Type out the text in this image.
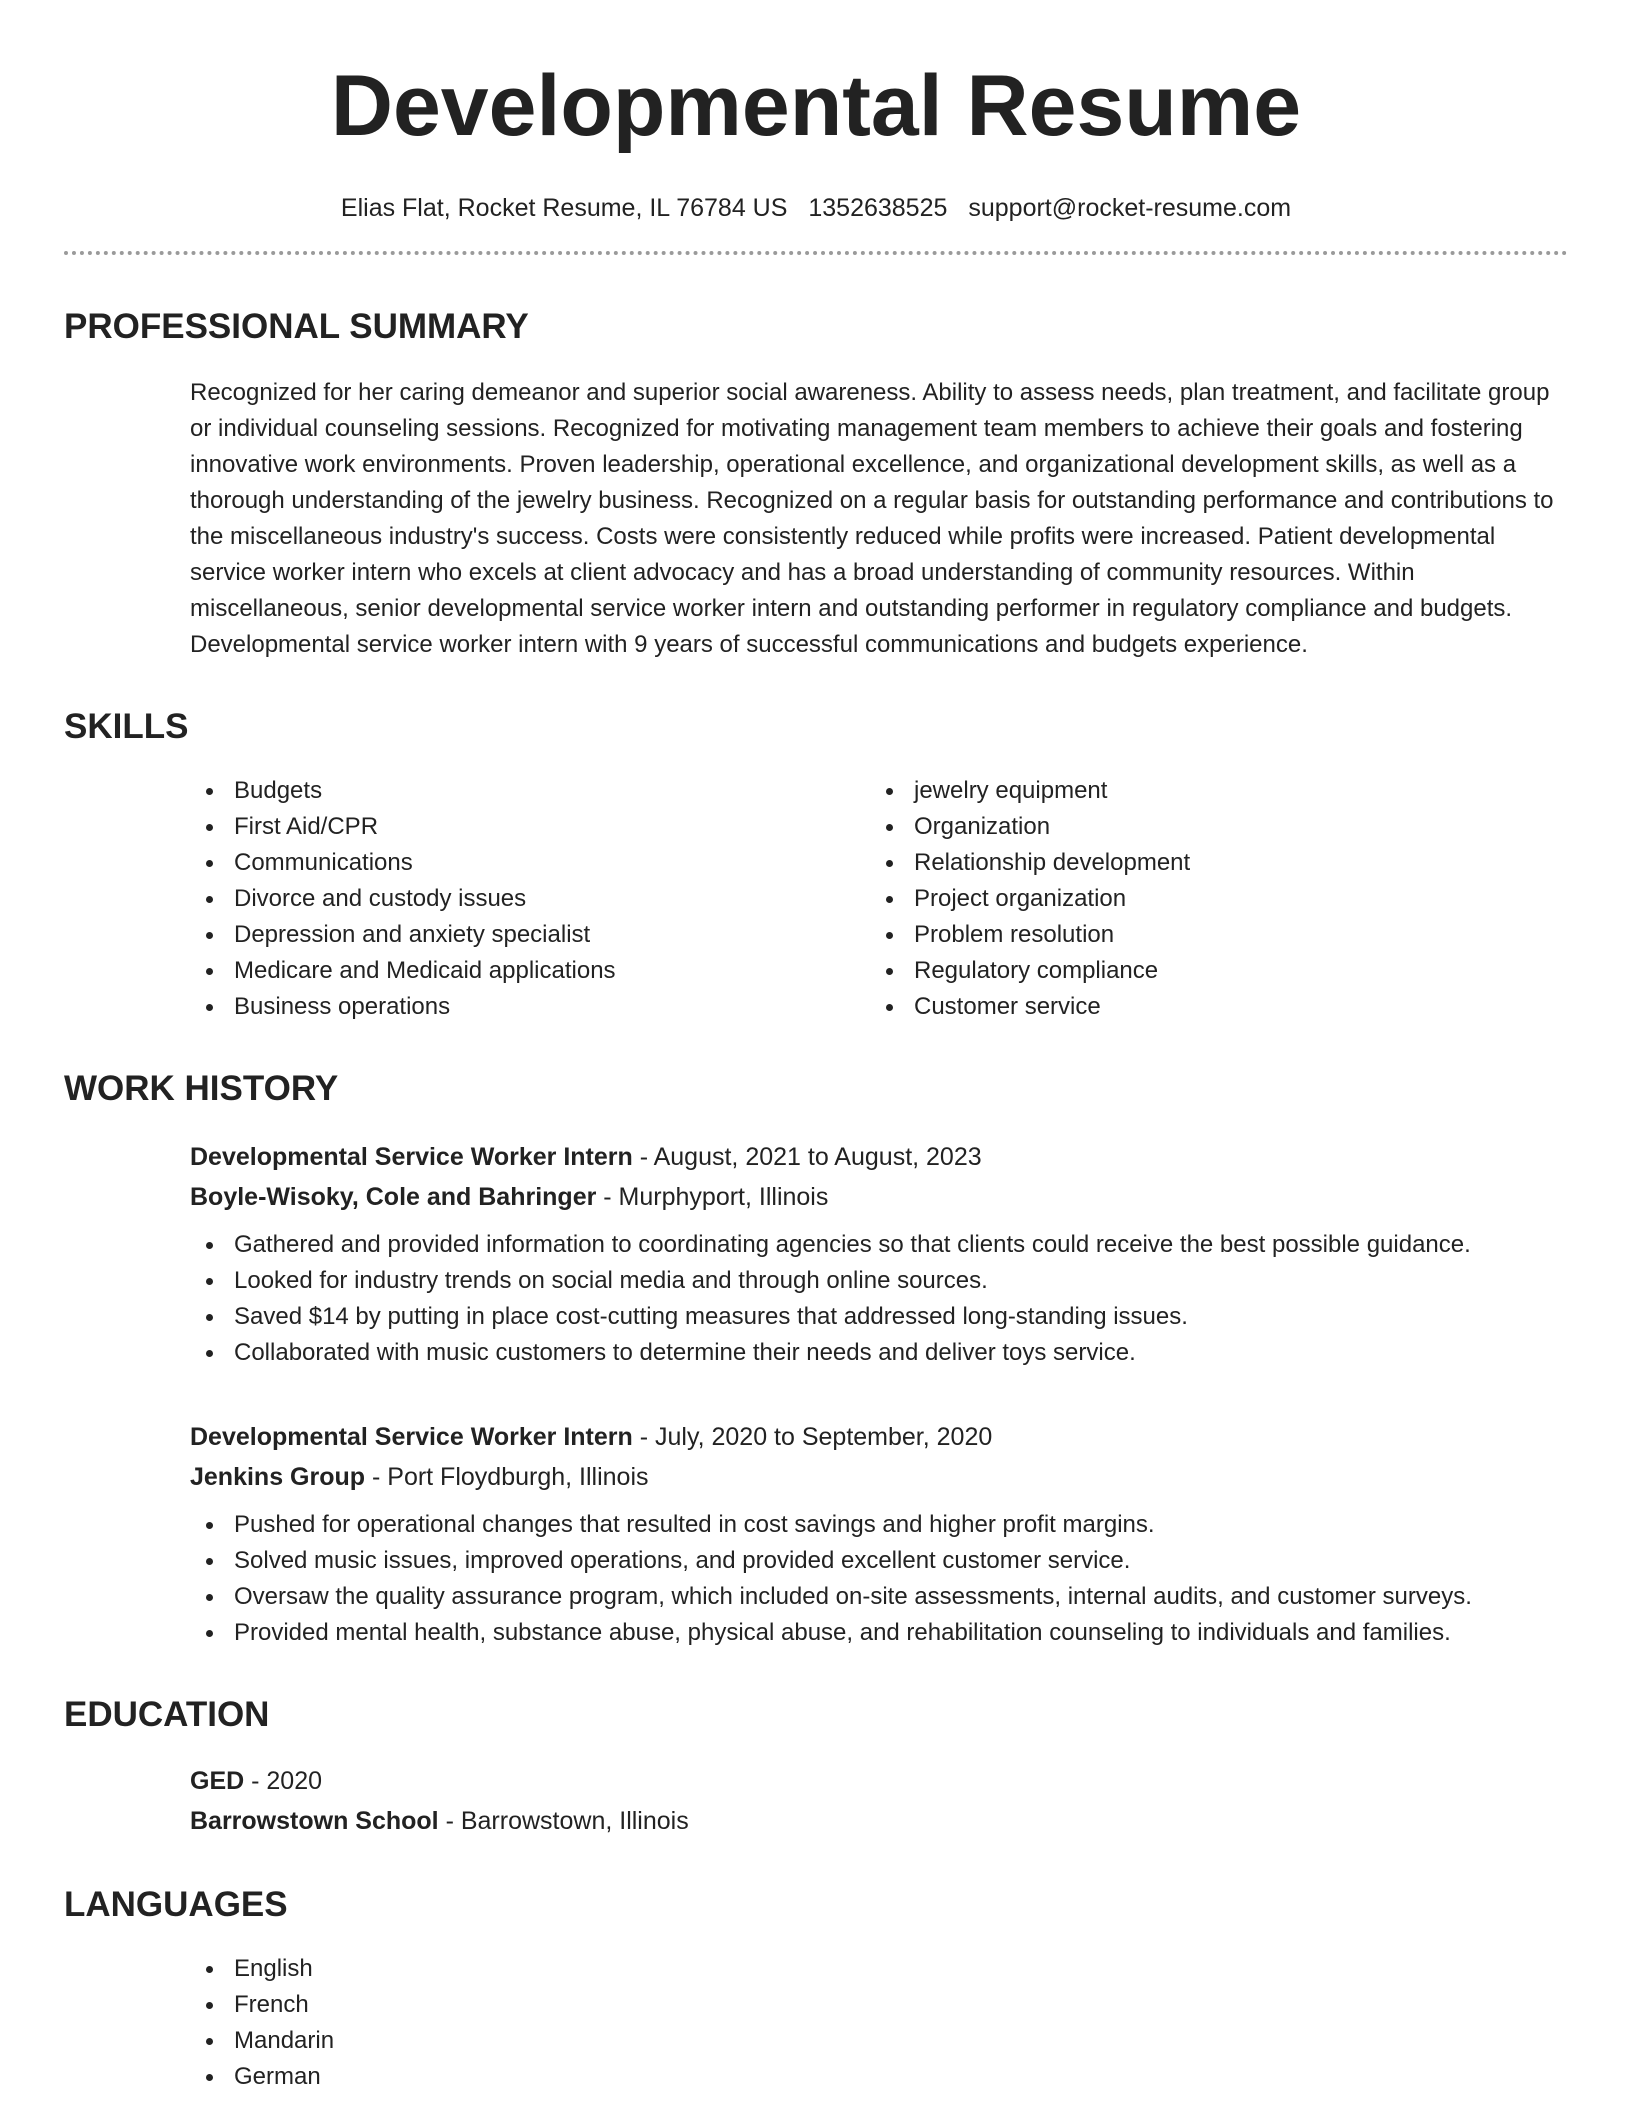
Developmental Resume
Elias Flat, Rocket Resume, IL 76784 US 1352638525 support@rocket-resume.com
PROFESSIONAL SUMMARY
Recognized for her caring demeanor and superior social awareness. Ability to assess needs, plan treatment, and facilitate group or individual counseling sessions. Recognized for motivating management team members to achieve their goals and fostering innovative work environments. Proven leadership, operational excellence, and organizational development skills, as well as a thorough understanding of the jewelry business. Recognized on a regular basis for outstanding performance and contributions to the miscellaneous industry's success. Costs were consistently reduced while profits were increased. Patient developmental service worker intern who excels at client advocacy and has a broad understanding of community resources. Within miscellaneous, senior developmental service worker intern and outstanding performer in regulatory compliance and budgets. Developmental service worker intern with 9 years of successful communications and budgets experience.
SKILLS
Budgets
First Aid/CPR
Communications
Divorce and custody issues
Depression and anxiety specialist
Medicare and Medicaid applications
Business operations
jewelry equipment
Organization
Relationship development
Project organization
Problem resolution
Regulatory compliance
Customer service
WORK HISTORY
Developmental Service Worker Intern - August, 2021 to August, 2023
Boyle-Wisoky, Cole and Bahringer - Murphyport, Illinois
Gathered and provided information to coordinating agencies so that clients could receive the best possible guidance.
Looked for industry trends on social media and through online sources.
Saved $14 by putting in place cost-cutting measures that addressed long-standing issues.
Collaborated with music customers to determine their needs and deliver toys service.
Developmental Service Worker Intern - July, 2020 to September, 2020
Jenkins Group - Port Floydburgh, Illinois
Pushed for operational changes that resulted in cost savings and higher profit margins.
Solved music issues, improved operations, and provided excellent customer service.
Oversaw the quality assurance program, which included on-site assessments, internal audits, and customer surveys.
Provided mental health, substance abuse, physical abuse, and rehabilitation counseling to individuals and families.
EDUCATION
GED - 2020
Barrowstown School - Barrowstown, Illinois
LANGUAGES
English
French
Mandarin
German
